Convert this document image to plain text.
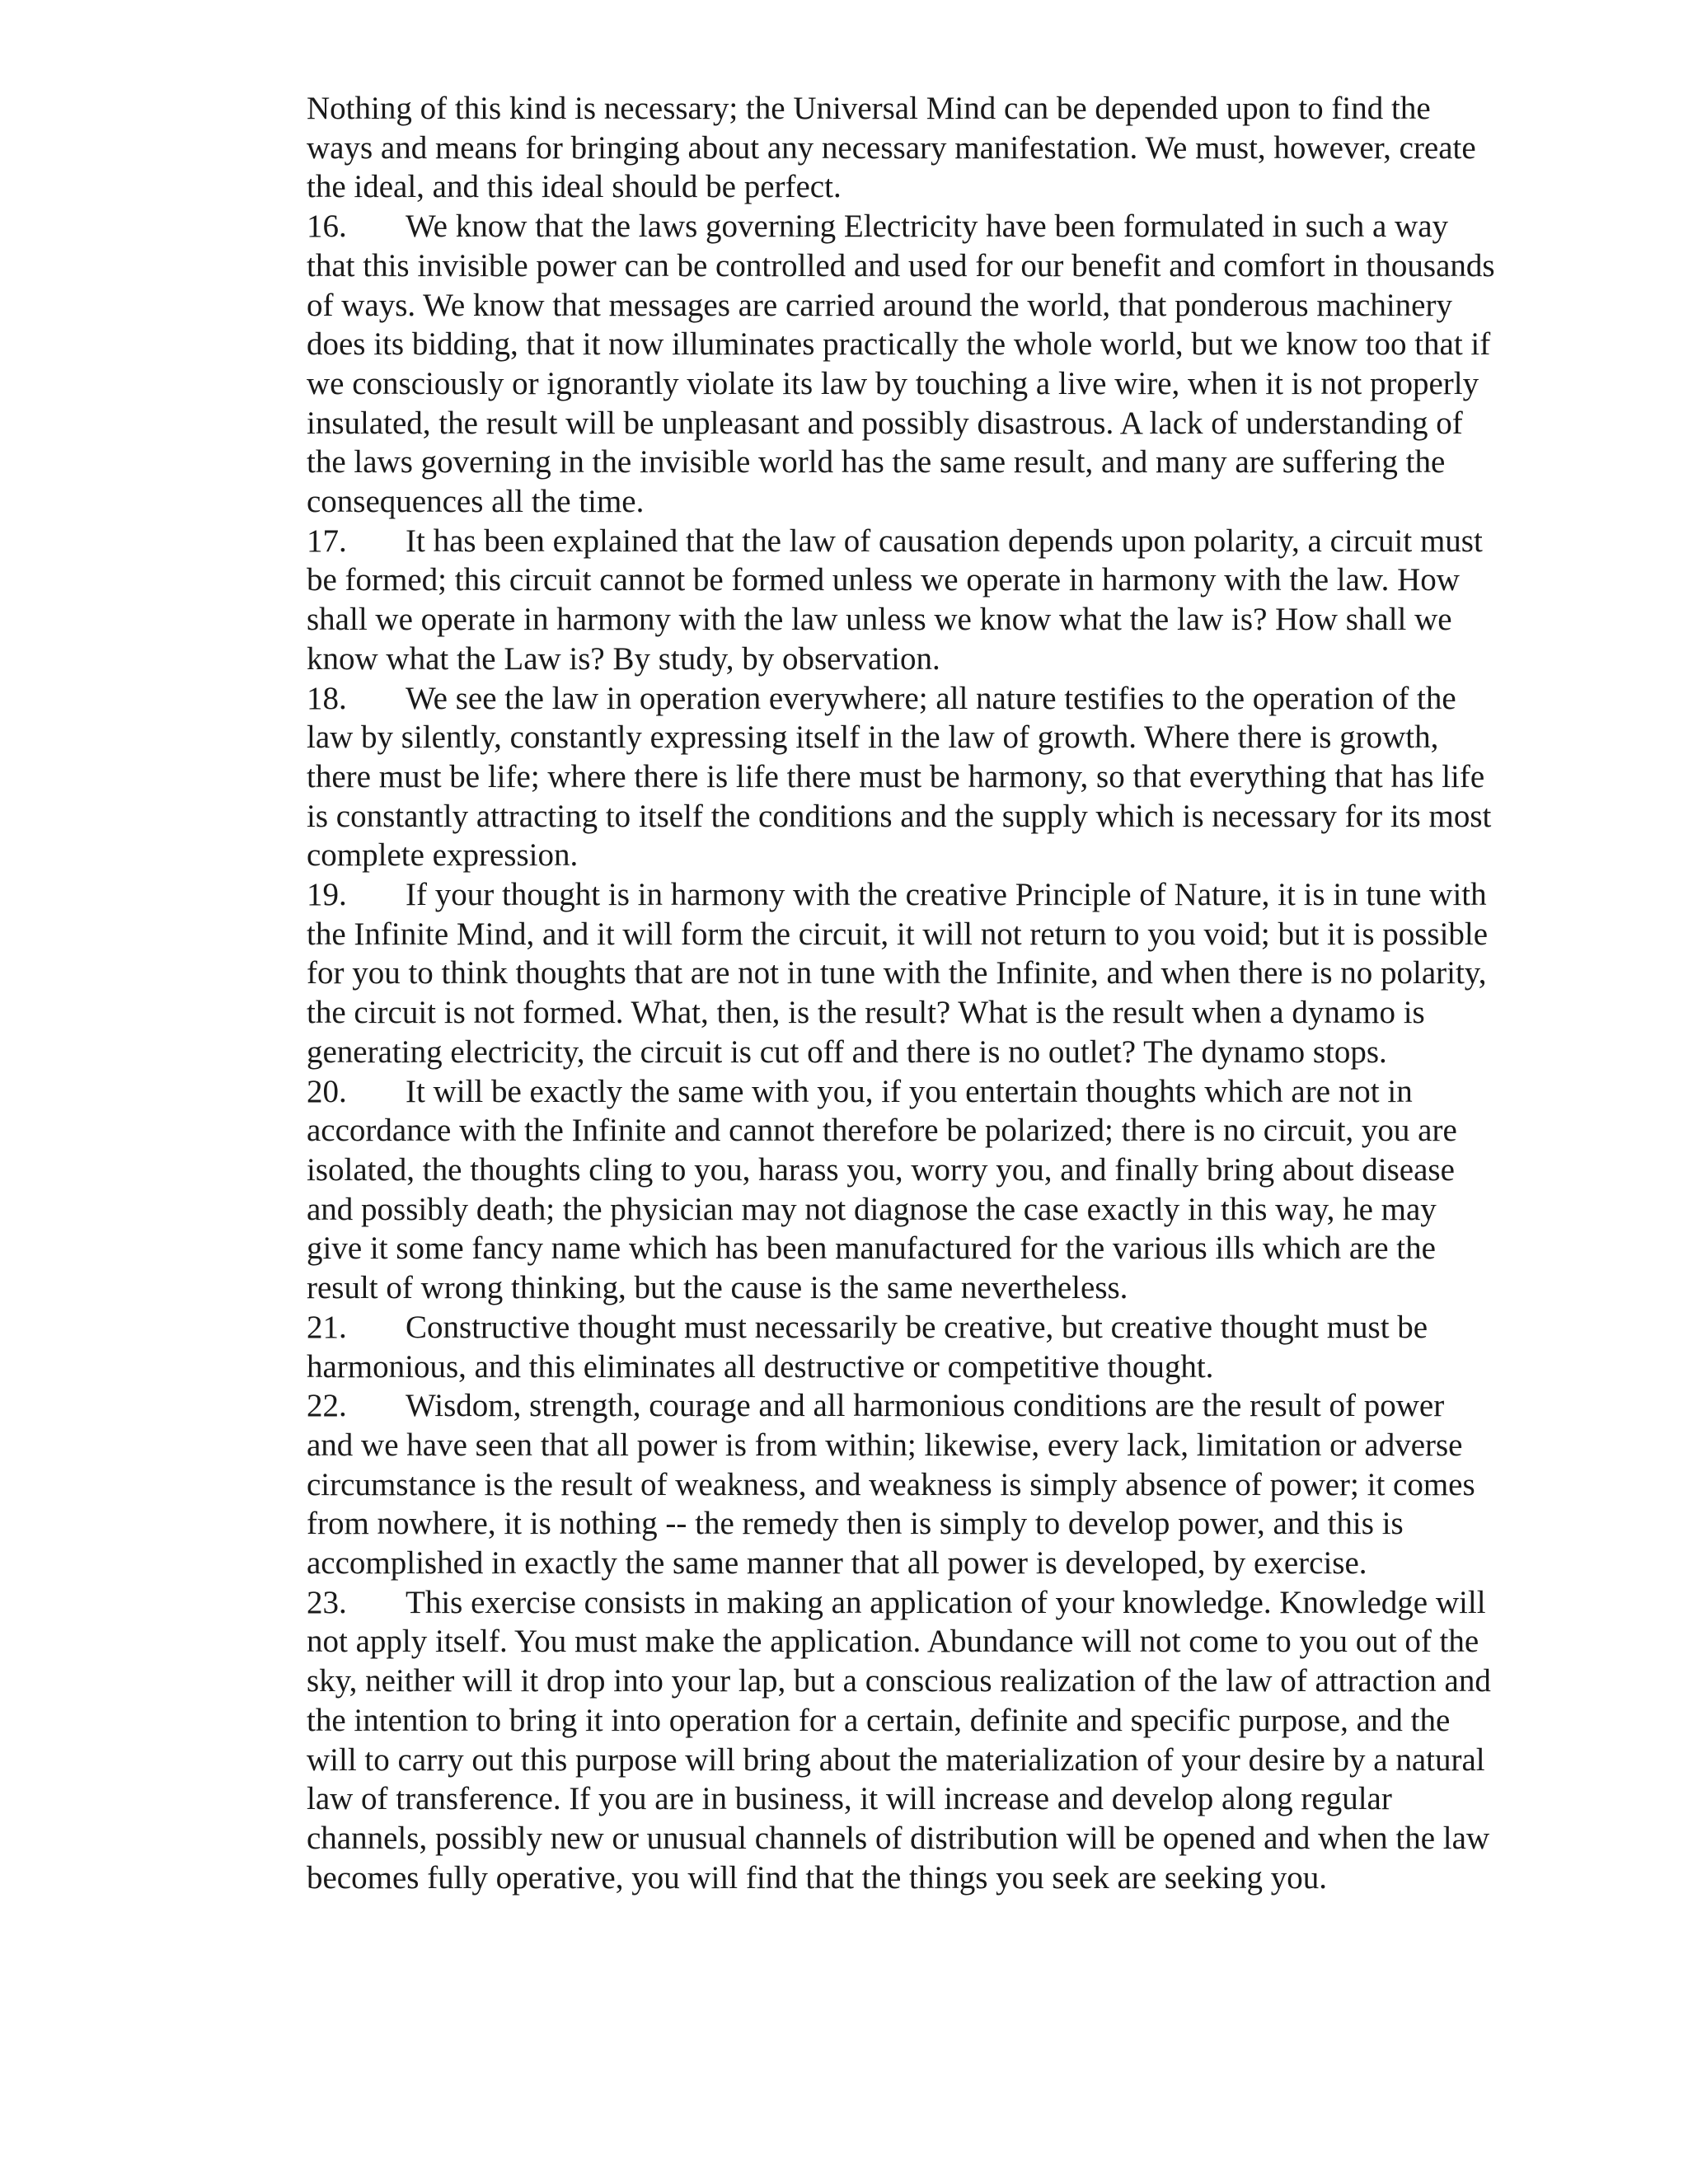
Nothing of this kind is necessary; the Universal Mind can be depended upon to find the ways and means for bringing about any necessary manifestation. We must, however, create the ideal, and this ideal should be perfect.

16. We know that the laws governing Electricity have been formulated in such a way that this invisible power can be controlled and used for our benefit and comfort in thousands of ways. We know that messages are carried around the world, that ponderous machinery does its bidding, that it now illuminates practically the whole world, but we know too that if we consciously or ignorantly violate its law by touching a live wire, when it is not properly insulated, the result will be unpleasant and possibly disastrous. A lack of understanding of the laws governing in the invisible world has the same result, and many are suffering the consequences all the time.

17. It has been explained that the law of causation depends upon polarity, a circuit must be formed; this circuit cannot be formed unless we operate in harmony with the law. How shall we operate in harmony with the law unless we know what the law is? How shall we know what the Law is? By study, by observation.

18. We see the law in operation everywhere; all nature testifies to the operation of the law by silently, constantly expressing itself in the law of growth. Where there is growth, there must be life; where there is life there must be harmony, so that everything that has life is constantly attracting to itself the conditions and the supply which is necessary for its most complete expression.

19. If your thought is in harmony with the creative Principle of Nature, it is in tune with the Infinite Mind, and it will form the circuit, it will not return to you void; but it is possible for you to think thoughts that are not in tune with the Infinite, and when there is no polarity, the circuit is not formed. What, then, is the result? What is the result when a dynamo is generating electricity, the circuit is cut off and there is no outlet? The dynamo stops.

20. It will be exactly the same with you, if you entertain thoughts which are not in accordance with the Infinite and cannot therefore be polarized; there is no circuit, you are isolated, the thoughts cling to you, harass you, worry you, and finally bring about disease and possibly death; the physician may not diagnose the case exactly in this way, he may give it some fancy name which has been manufactured for the various ills which are the result of wrong thinking, but the cause is the same nevertheless.

21. Constructive thought must necessarily be creative, but creative thought must be harmonious, and this eliminates all destructive or competitive thought.

22. Wisdom, strength, courage and all harmonious conditions are the result of power and we have seen that all power is from within; likewise, every lack, limitation or adverse circumstance is the result of weakness, and weakness is simply absence of power; it comes from nowhere, it is nothing -- the remedy then is simply to develop power, and this is accomplished in exactly the same manner that all power is developed, by exercise.

23. This exercise consists in making an application of your knowledge. Knowledge will not apply itself. You must make the application. Abundance will not come to you out of the sky, neither will it drop into your lap, but a conscious realization of the law of attraction and the intention to bring it into operation for a certain, definite and specific purpose, and the will to carry out this purpose will bring about the materialization of your desire by a natural law of transference. If you are in business, it will increase and develop along regular channels, possibly new or unusual channels of distribution will be opened and when the law becomes fully operative, you will find that the things you seek are seeking you.
